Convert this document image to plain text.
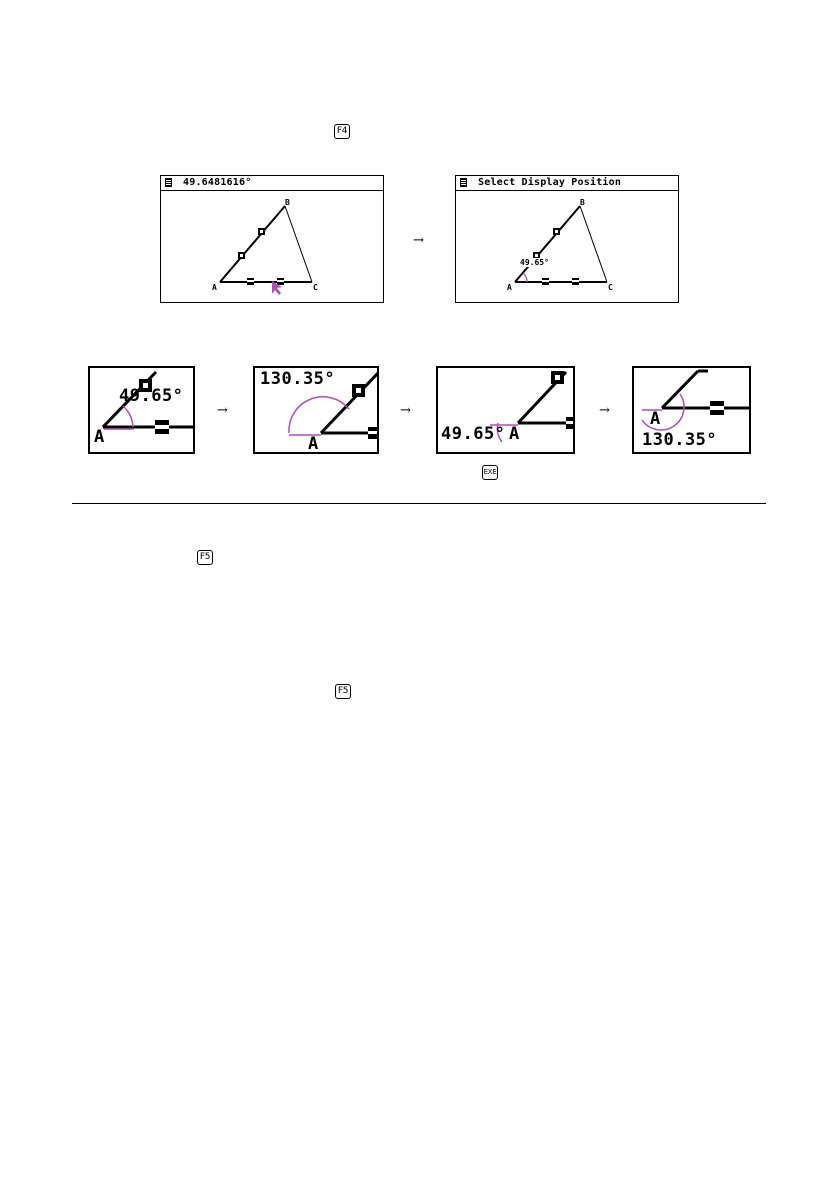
F4
49.6481616°
A
B
C
→
Select Display Position
49.65°
A
B
C
49.65°
A
→
130.35°
A
→
49.65° A
→ A
130.35°
EXE
F5
F5
